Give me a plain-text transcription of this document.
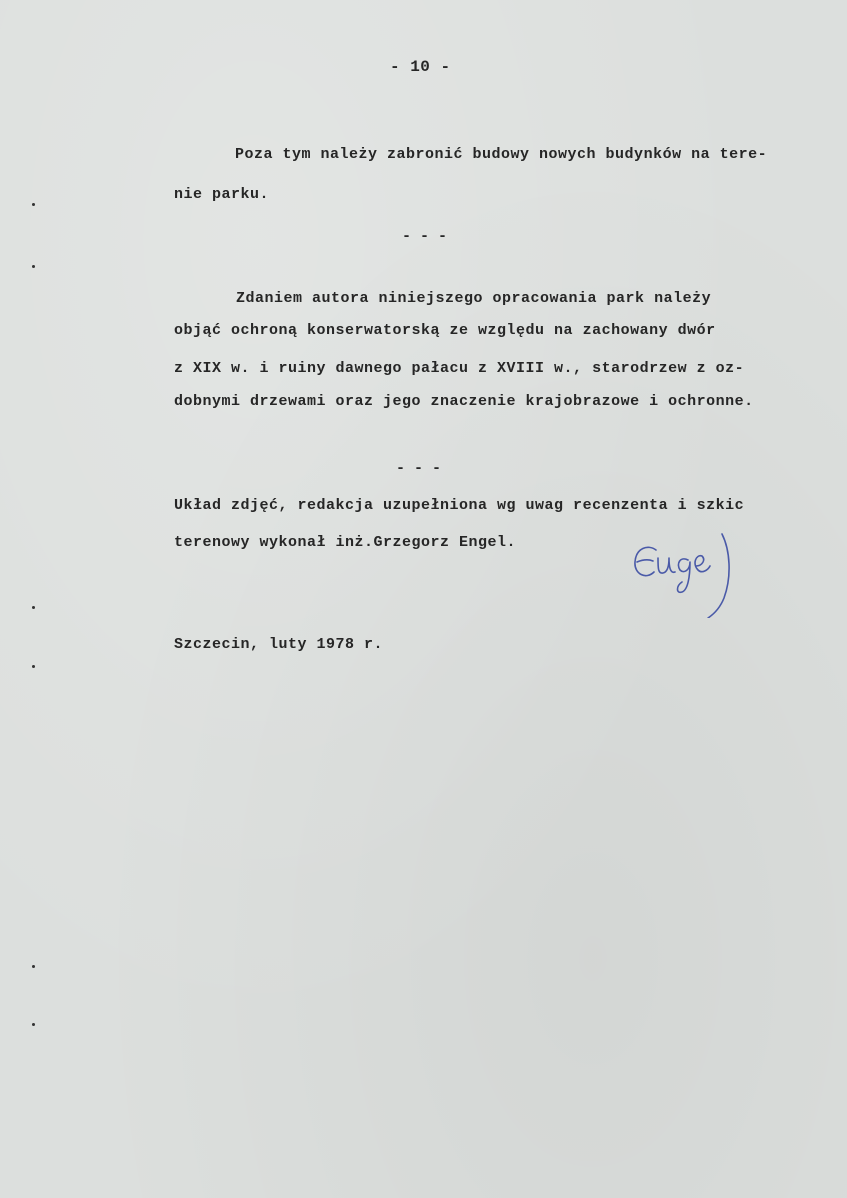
- 10 -

Poza tym należy zabronić budowy nowych budynków na tere-

nie parku.

- - -

Zdaniem autora niniejszego opracowania park należy

objąć ochroną konserwatorską ze względu na zachowany dwór

z XIX w. i ruiny dawnego pałacu z XVIII w., starodrzew z oz-

dobnymi drzewami oraz jego znaczenie krajobrazowe i ochronne.

- - -

Układ zdjęć, redakcja uzupełniona wg uwag recenzenta i szkic

terenowy wykonał inż.Grzegorz Engel.

Szczecin, luty 1978 r.
